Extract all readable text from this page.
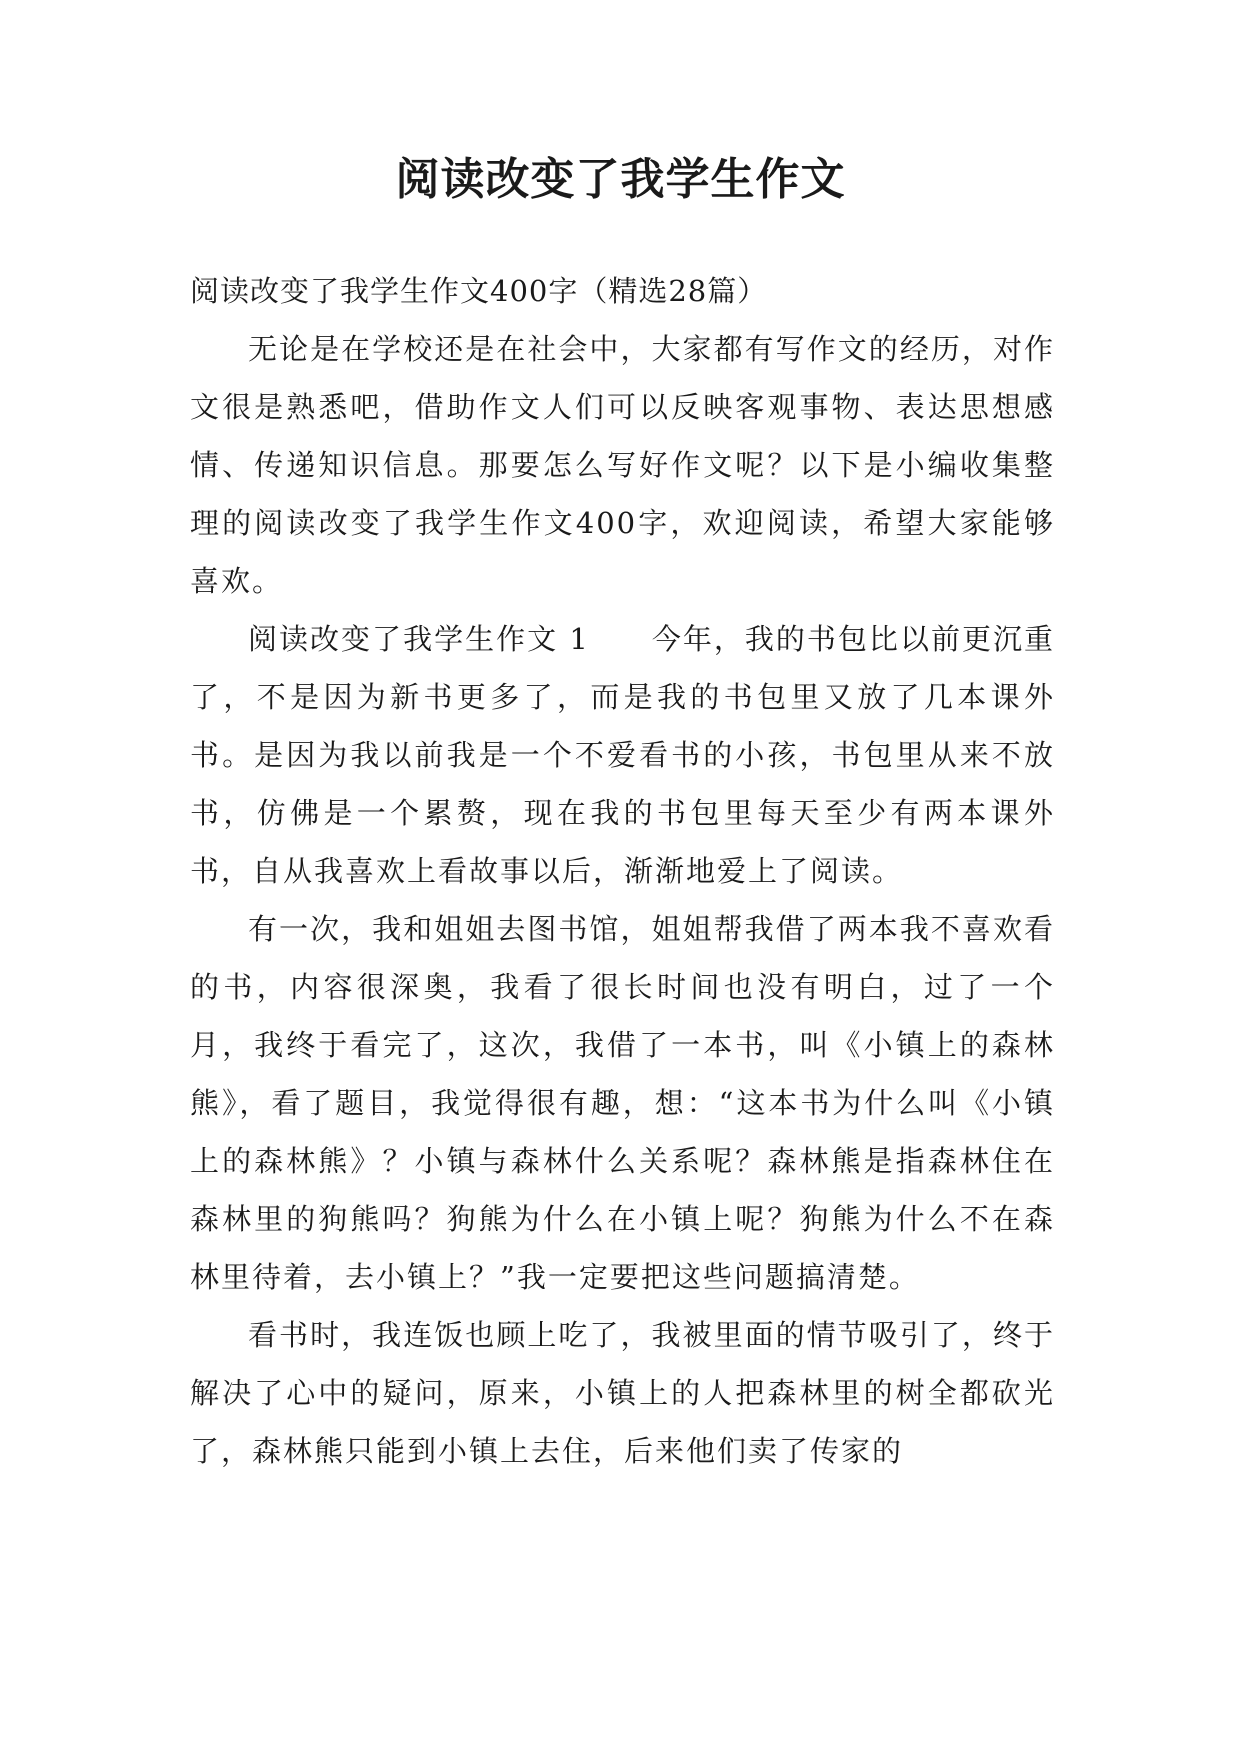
阅读改变了我学生作文

阅读改变了我学生作文400字（精选28篇）

无论是在学校还是在社会中，大家都有写作文的经历，对作文很是熟悉吧，借助作文人们可以反映客观事物、表达思想感情、传递知识信息。那要怎么写好作文呢？以下是小编收集整理的阅读改变了我学生作文400字，欢迎阅读，希望大家能够喜欢。

阅读改变了我学生作文 1　　今年，我的书包比以前更沉重了，不是因为新书更多了，而是我的书包里又放了几本课外书。是因为我以前我是一个不爱看书的小孩，书包里从来不放书，仿佛是一个累赘，现在我的书包里每天至少有两本课外书，自从我喜欢上看故事以后，渐渐地爱上了阅读。

有一次，我和姐姐去图书馆，姐姐帮我借了两本我不喜欢看的书，内容很深奥，我看了很长时间也没有明白，过了一个月，我终于看完了，这次，我借了一本书，叫《小镇上的森林熊》，看了题目，我觉得很有趣，想：“这本书为什么叫《小镇上的森林熊》？小镇与森林什么关系呢？森林熊是指森林住在森林里的狗熊吗？狗熊为什么在小镇上呢？狗熊为什么不在森林里待着，去小镇上？”我一定要把这些问题搞清楚。

看书时，我连饭也顾上吃了，我被里面的情节吸引了，终于解决了心中的疑问，原来，小镇上的人把森林里的树全都砍光了，森林熊只能到小镇上去住，后来他们卖了传家的
